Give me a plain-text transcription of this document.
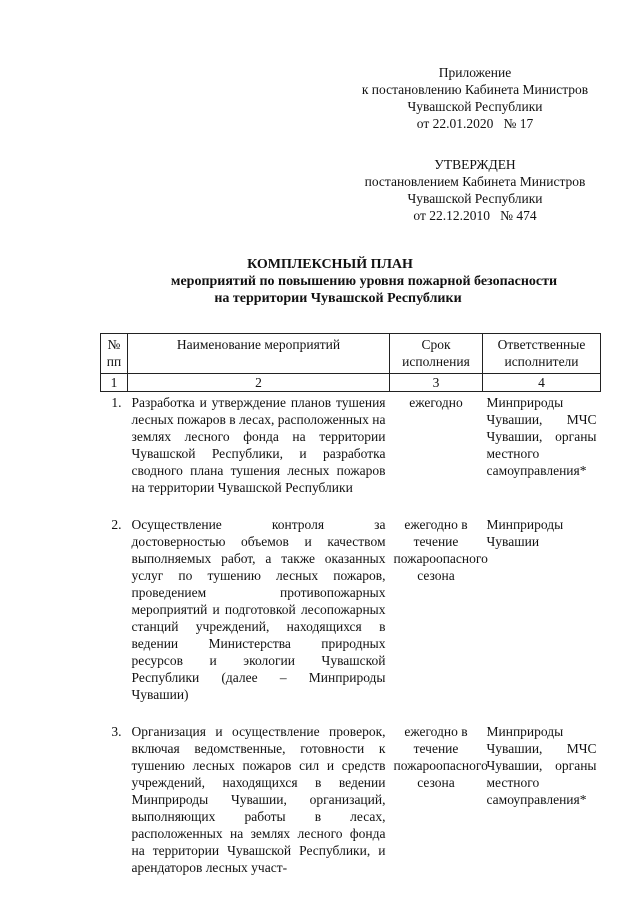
Приложение
к постановлению Кабинета Министров
Чувашской Республики
от 22.01.2020   № 17
УТВЕРЖДЕН
постановлением Кабинета Министров
Чувашской Республики
от 22.12.2010   № 474
КОМПЛЕКСНЫЙ ПЛАН
мероприятий по повышению уровня пожарной безопасности
на территории Чувашской Республики
№ пп	Наименование мероприятий	Срок исполнения	Ответственные исполнители
1	2	3	4
1.	Разработка и утверждение планов тушения лесных пожаров в лесах, расположенных на землях лесного фонда на территории Чувашской Республики, и разработка сводного плана тушения лесных пожаров на территории Чувашской Республики	ежегодно	Минприроды Чувашии, МЧС Чувашии, органы местного самоуправления*
2.	Осуществление контроля за достоверностью объемов и качеством выполняемых работ, а также оказанных услуг по тушению лесных пожаров, проведением противопожарных мероприятий и подготовкой лесопожарных станций учреждений, находящихся в ведении Министерства природных ресурсов и экологии Чувашской Республики (далее – Минприроды Чувашии)	ежегодно в течение пожароопасного сезона	Минприроды Чувашии
3.	Организация и осуществление проверок, включая ведомственные, готовности к тушению лесных пожаров сил и средств учреждений, находящихся в ведении Минприроды Чувашии, организаций, выполняющих работы в лесах, расположенных на землях лесного фонда на территории Чувашской Республики, и арендаторов лесных участ-	ежегодно в течение пожароопасного сезона	Минприроды Чувашии, МЧС Чувашии, органы местного самоуправления*
